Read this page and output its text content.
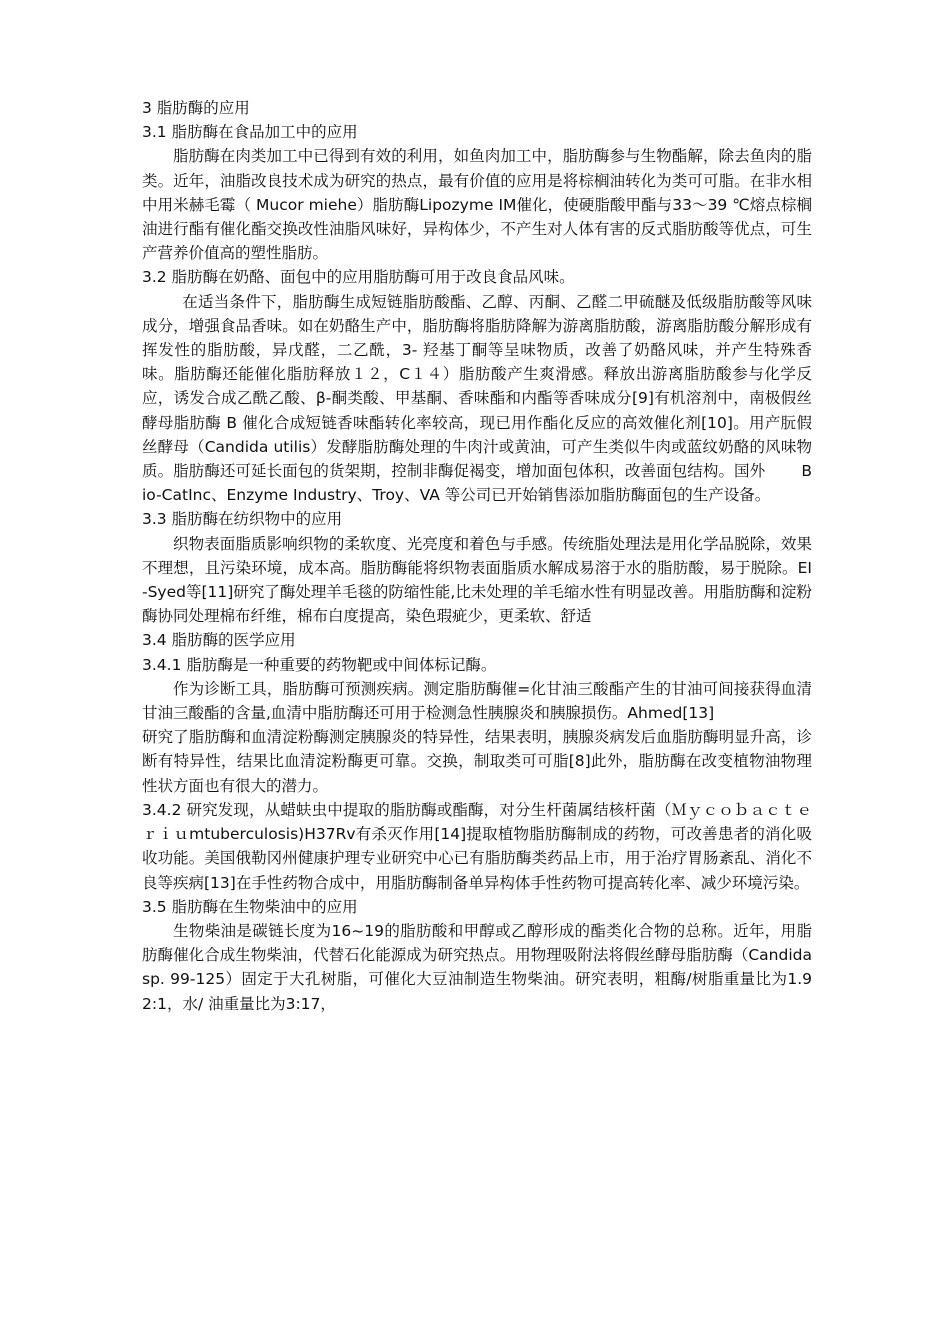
3 脂肪酶的应用

3.1 脂肪酶在食品加工中的应用

脂肪酶在肉类加工中已得到有效的利用，如鱼肉加工中，脂肪酶参与生物酯解，除去鱼肉的脂类。近年，油脂改良技术成为研究的热点，最有价值的应用是将棕榈油转化为类可可脂。在非水相中用米赫毛霉（ Mucor miehe）脂肪酶Lipozyme IM催化，使硬脂酸甲酯与33～39 ℃熔点棕榈油进行酯有催化酯交换改性油脂风味好，异构体少，不产生对人体有害的反式脂肪酸等优点，可生产营养价值高的塑性脂肪。

3.2 脂肪酶在奶酪、面包中的应用脂肪酶可用于改良食品风味。

在适当条件下，脂肪酶生成短链脂肪酸酯、乙醇、丙酮、乙醛二甲硫醚及低级脂肪酸等风味成分，增强食品香味。如在奶酪生产中，脂肪酶将脂肪降解为游离脂肪酸，游离脂肪酸分解形成有挥发性的脂肪酸，异戊醛，二乙酰，3- 羟基丁酮等呈味物质，改善了奶酪风味，并产生特殊香味。脂肪酶还能催化脂肪释放１２，C１４）脂肪酸产生爽滑感。释放出游离脂肪酸参与化学反应，诱发合成乙酰乙酸、β-酮类酸、甲基酮、香味酯和内酯等香味成分[9]有机溶剂中，南极假丝酵母脂肪酶 B 催化合成短链香味酯转化率较高，现已用作酯化反应的高效催化剂[10]。用产朊假丝酵母（Candida utilis）发酵脂肪酶处理的牛肉汁或黄油，可产生类似牛肉或蓝纹奶酪的风味物质。脂肪酶还可延长面包的货架期，控制非酶促褐变，增加面包体积，改善面包结构。国外　　 Bio-CatInc、Enzyme Industry、Troy、VA 等公司已开始销售添加脂肪酶面包的生产设备。

3.3 脂肪酶在纺织物中的应用

织物表面脂质影响织物的柔软度、光亮度和着色与手感。传统脂处理法是用化学品脱除，效果不理想，且污染环境，成本高。脂肪酶能将织物表面脂质水解成易溶于水的脂肪酸，易于脱除。EI-Syed等[11]研究了酶处理羊毛毯的防缩性能,比未处理的羊毛缩水性有明显改善。用脂肪酶和淀粉酶协同处理棉布纤维，棉布白度提高，染色瑕疵少，更柔软、舒适

3.4 脂肪酶的医学应用

3.4.1 脂肪酶是一种重要的药物靶或中间体标记酶。

作为诊断工具，脂肪酶可预测疾病。测定脂肪酶催=化甘油三酸酯产生的甘油可间接获得血清甘油三酸酯的含量,血清中脂肪酶还可用于检测急性胰腺炎和胰腺损伤。Ahmed[13]

研究了脂肪酶和血清淀粉酶测定胰腺炎的特异性，结果表明，胰腺炎病发后血脂肪酶明显升高，诊断有特异性，结果比血清淀粉酶更可靠。交换，制取类可可脂[8]此外，脂肪酶在改变植物油物理性状方面也有很大的潜力。

3.4.2 研究发现，从蜡蚨虫中提取的脂肪酶或酯酶，对分生杆菌属结核杆菌（Ｍｙｃｏｂａｃｔｅｒｉｕmtuberculosis)H37Rv有杀灭作用[14]提取植物脂肪酶制成的药物，可改善患者的消化吸收功能。美国俄勒冈州健康护理专业研究中心已有脂肪酶类药品上市，用于治疗胃肠紊乱、消化不良等疾病[13]在手性药物合成中，用脂肪酶制备单异构体手性药物可提高转化率、减少环境污染。

3.5 脂肪酶在生物柴油中的应用

生物柴油是碳链长度为16~19的脂肪酸和甲醇或乙醇形成的酯类化合物的总称。近年，用脂肪酶催化合成生物柴油，代替石化能源成为研究热点。用物理吸附法将假丝酵母脂肪酶（Candida sp. 99-125）固定于大孔树脂，可催化大豆油制造生物柴油。研究表明，粗酶/树脂重量比为1.92:1，水/ 油重量比为3:17，
